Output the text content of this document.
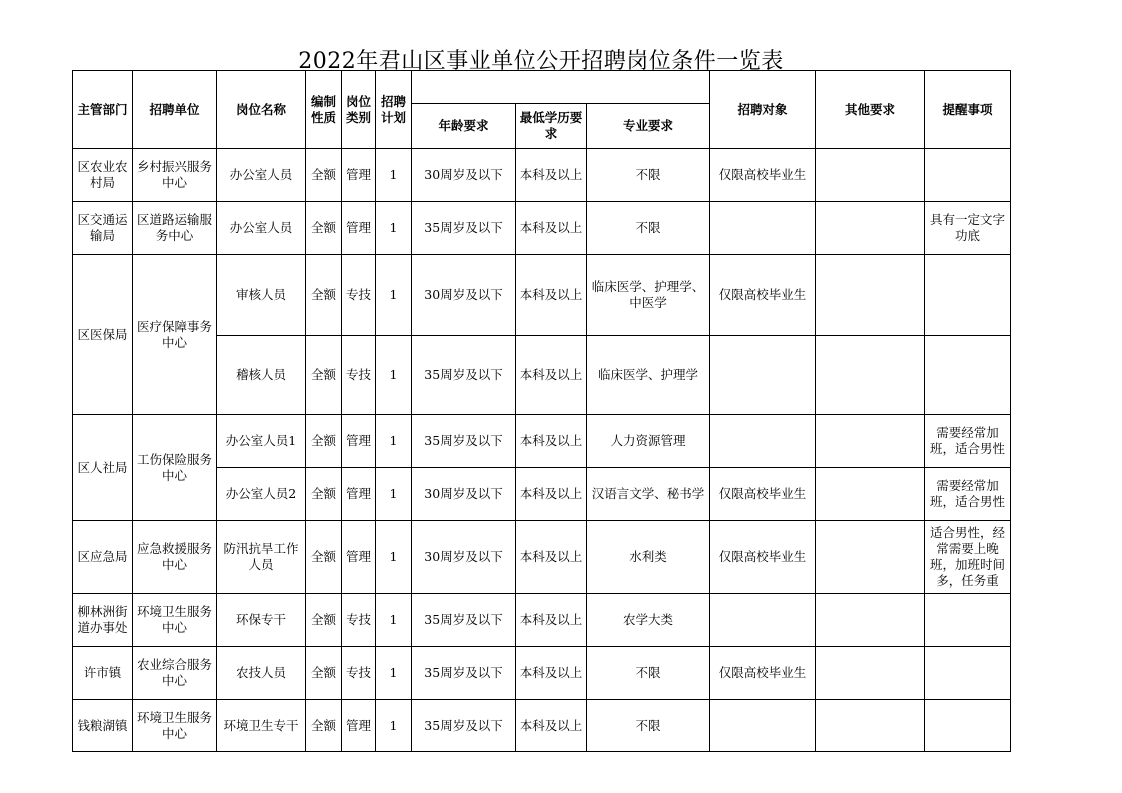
2022年君山区事业单位公开招聘岗位条件一览表
主管部门	招聘单位	岗位名称	编制性质	岗位类别	招聘计划				招聘对象	其他要求	提醒事项
						年龄要求	最低学历要求	专业要求			
区农业农村局	乡村振兴服务中心	办公室人员	全额	管理	1	30周岁及以下	本科及以上	不限	仅限高校毕业生		
区交通运输局	区道路运输服务中心	办公室人员	全额	管理	1	35周岁及以下	本科及以上	不限			具有一定文字功底
区医保局	医疗保障事务中心	审核人员	全额	专技	1	30周岁及以下	本科及以上	临床医学、护理学、中医学	仅限高校毕业生		
		稽核人员	全额	专技	1	35周岁及以下	本科及以上	临床医学、护理学			
区人社局	工伤保险服务中心	办公室人员1	全额	管理	1	35周岁及以下	本科及以上	人力资源管理			需要经常加班，适合男性
		办公室人员2	全额	管理	1	30周岁及以下	本科及以上	汉语言文学、秘书学	仅限高校毕业生		需要经常加班，适合男性
区应急局	应急救援服务中心	防汛抗旱工作人员	全额	管理	1	30周岁及以下	本科及以上	水利类	仅限高校毕业生		适合男性，经常需要上晚班，加班时间多，任务重
柳林洲街道办事处	环境卫生服务中心	环保专干	全额	专技	1	35周岁及以下	本科及以上	农学大类			
许市镇	农业综合服务中心	农技人员	全额	专技	1	35周岁及以下	本科及以上	不限	仅限高校毕业生		
钱粮湖镇	环境卫生服务中心	环境卫生专干	全额	管理	1	35周岁及以下	本科及以上	不限			
